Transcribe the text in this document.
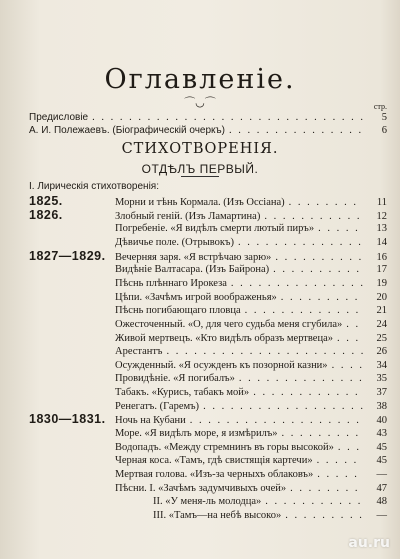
Оглавленіе.
⌒◡⌒	стр.
Предисловіе . . .	5
А. И. Полежаевъ. (Біографическій очеркъ) . . .	6
СТИХОТВОРЕНІЯ.
ОТДѢЛЪ ПЕРВЫЙ.
I. Лирическія стихотворенія:
1825.	Морни и тѣнь Кормала. (Изъ Оссіана) . . .	11
1826.	Злобный геній. (Изъ Ламартина) . . .	12
Погребеніе. «Я видѣлъ смерти лютый пиръ» . . .	13
Дѣвичье поле. (Отрывокъ) . . .	14
1827—1829. Вечерняя заря. «Я встрѣчаю зарю» . . .	16
Видѣніе Валтасара. (Изъ Байрона) . . .	17
Пѣснь плѣннаго Ирокеза . . .	19
Цѣпи. «Зачѣмъ игрой воображенья» . . .	20
Пѣснь погибающаго пловца . . .	21
Ожесточенный. «О, для чего судьба меня сгубила» . . .	24
Живой мертвецъ. «Кто видѣлъ образъ мертвеца» . . .	25
Арестантъ . . .	26
Осужденный. «Я осужденъ къ позорной казни» . . .	34
Провидѣніе. «Я погибалъ» . . .	35
Табакъ. «Курись, табакъ мой» . . .	37
Ренегатъ. (Гаремъ) . . .	38
1830—1831. Ночь на Кубани . . .	40
Море. «Я видѣлъ море, я измѣрилъ» . . .	43
Водопадъ. «Между стремнинъ въ горы высокой» . . .	45
Черная коса. «Тамъ, гдѣ свистящія картечи» . . .	45
Мертвая голова. «Изъ-за черныхъ облаковъ» . . .	—
Пѣсни. I. «Зачѣмъ задумчивыхъ очей» . . .	47
II. «У меня-ль молодца» . . .	48
III. «Тамъ—на небѣ высоко» . . .	—
au.ru
